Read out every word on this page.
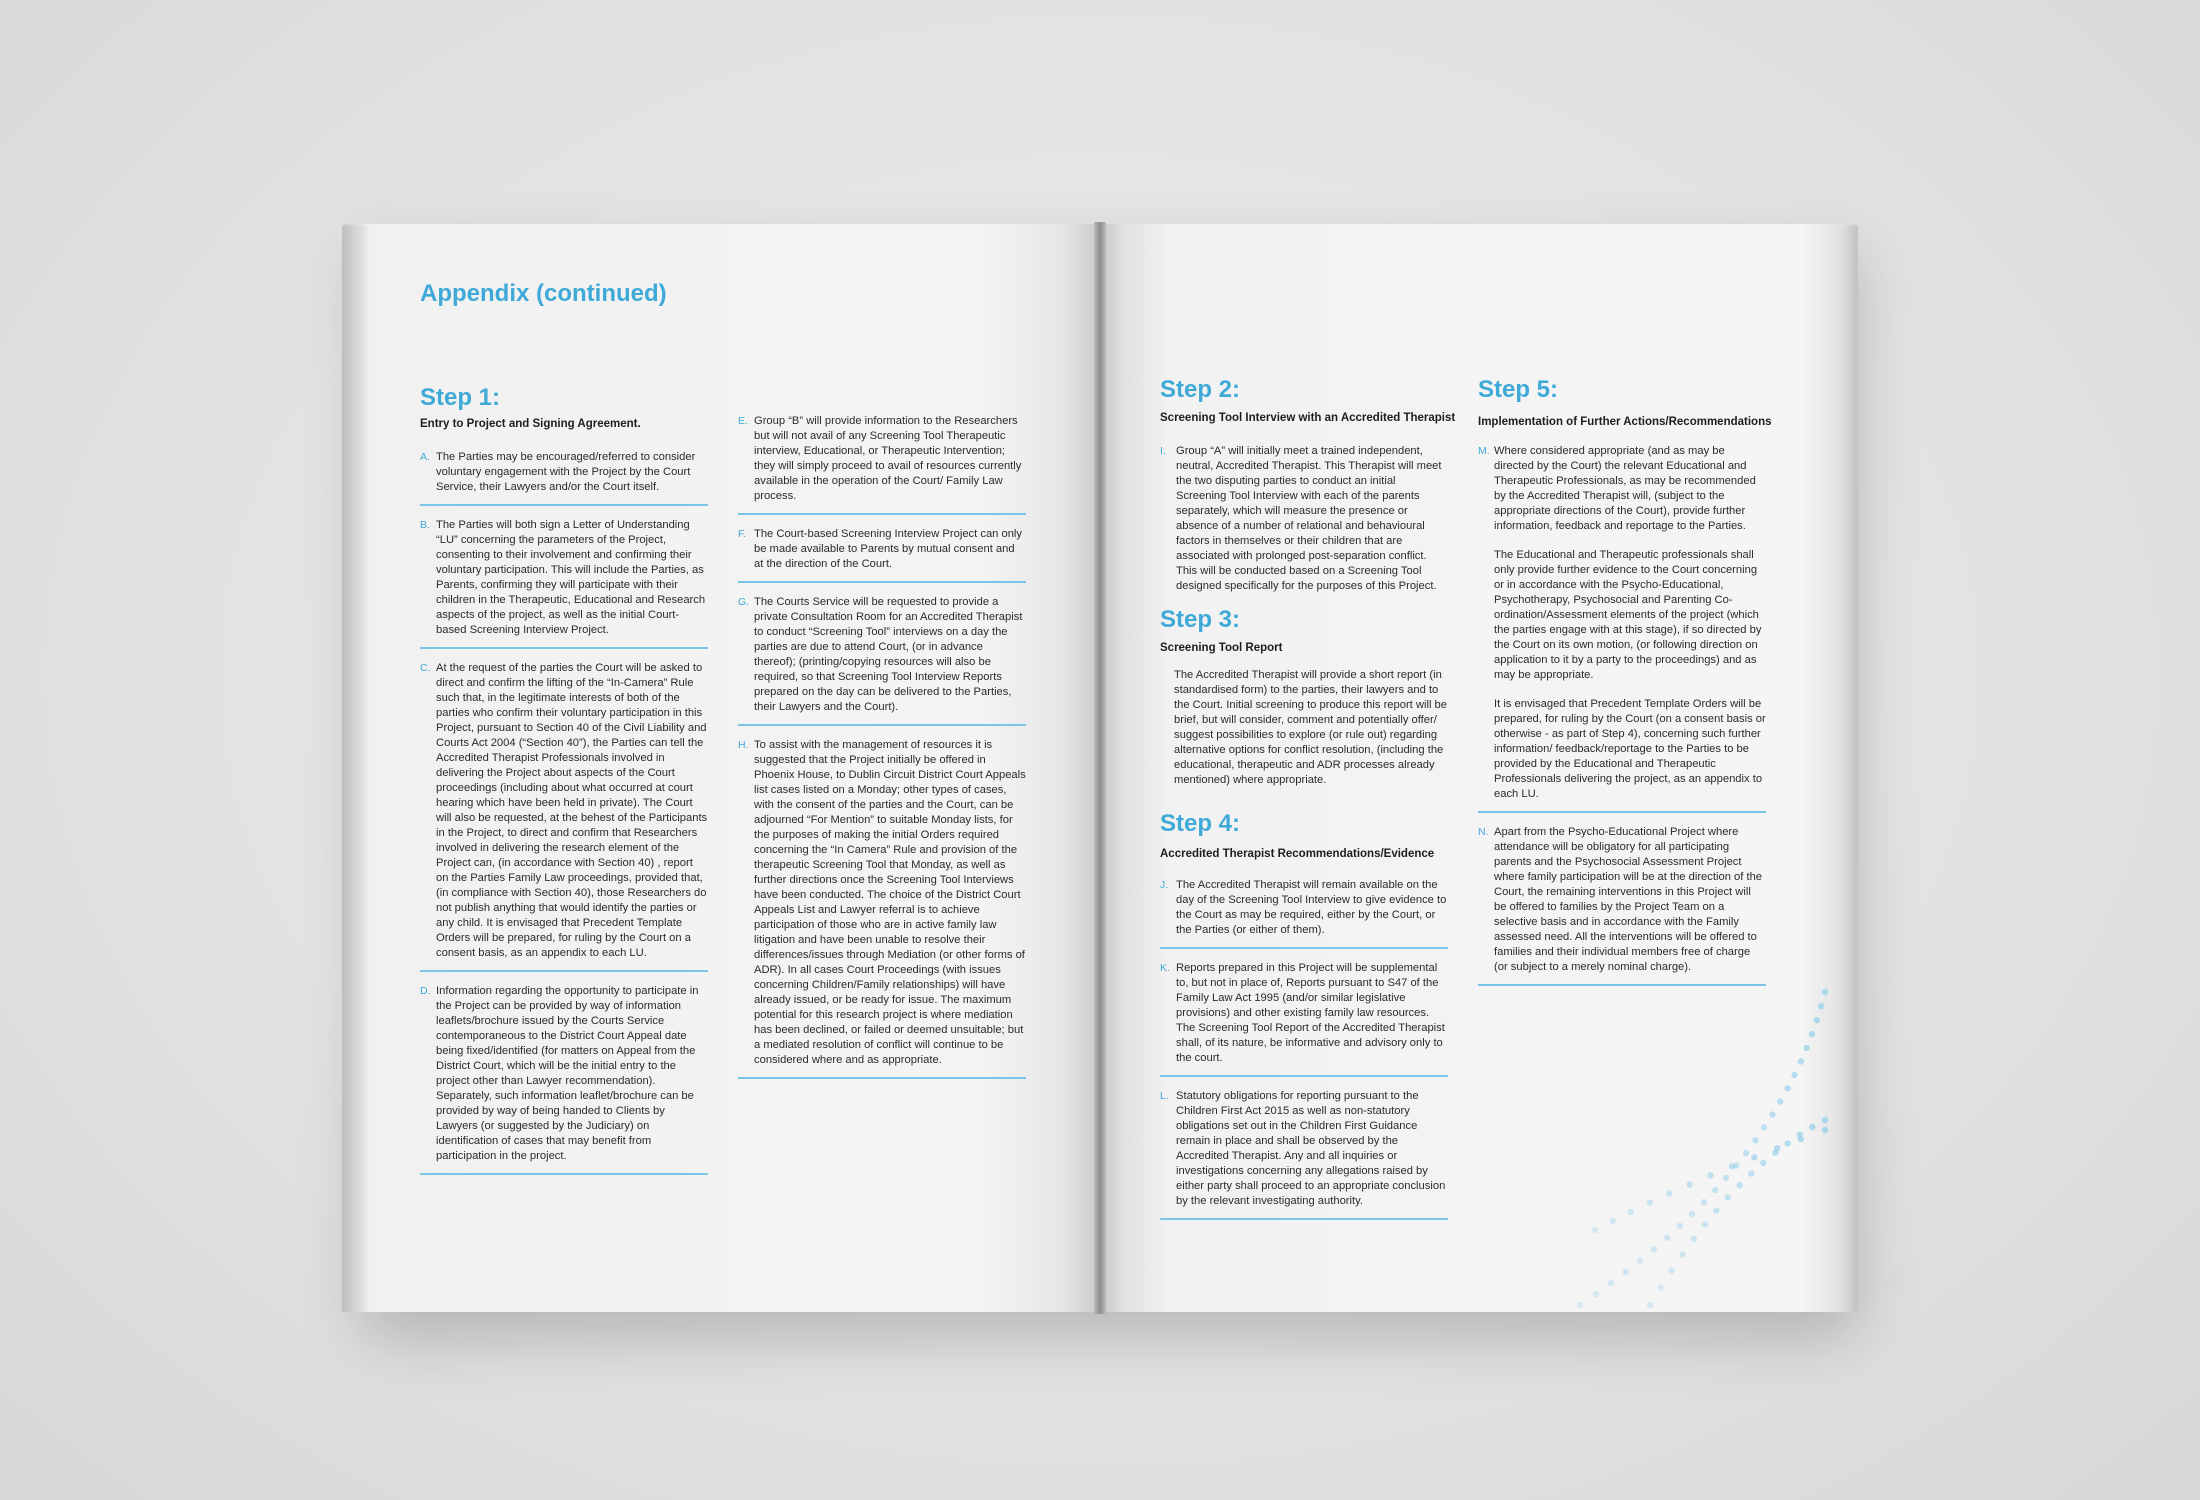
Appendix (continued)
Step 1:
Entry to Project and Signing Agreement.
A. The Parties may be encouraged/referred to consider voluntary engagement with the Project by the Court Service, their Lawyers and/or the Court itself.
B. The Parties will both sign a Letter of Understanding “LU” concerning the parameters of the Project, consenting to their involvement and confirming their voluntary participation. This will include the Parties, as Parents, confirming they will participate with their children in the Therapeutic, Educational and Research aspects of the project, as well as the initial Court-based Screening Interview Project.
C. At the request of the parties the Court will be asked to direct and confirm the lifting of the “In-Camera” Rule such that, in the legitimate interests of both of the parties who confirm their voluntary participation in this Project, pursuant to Section 40 of the Civil Liability and Courts Act 2004 (“Section 40”), the Parties can tell the Accredited Therapist Professionals involved in delivering the Project about aspects of the Court proceedings (including about what occurred at court hearing which have been held in private). The Court will also be requested, at the behest of the Participants in the Project, to direct and confirm that Researchers involved in delivering the research element of the Project can, (in accordance with Section 40) , report on the Parties Family Law proceedings, provided that, (in compliance with Section 40), those Researchers do not publish anything that would identify the parties or any child. It is envisaged that Precedent Template Orders will be prepared, for ruling by the Court on a consent basis, as an appendix to each LU.
D. Information regarding the opportunity to participate in the Project can be provided by way of information leaflets/brochure issued by the Courts Service contemporaneous to the District Court Appeal date being fixed/identified (for matters on Appeal from the District Court, which will be the initial entry to the project other than Lawyer recommendation). Separately, such information leaflet/brochure can be provided by way of being handed to Clients by Lawyers (or suggested by the Judiciary) on identification of cases that may benefit from participation in the project.
E. Group “B” will provide information to the Researchers but will not avail of any Screening Tool Therapeutic interview, Educational, or Therapeutic Intervention; they will simply proceed to avail of resources currently available in the operation of the Court/ Family Law process.
F. The Court-based Screening Interview Project can only be made available to Parents by mutual consent and at the direction of the Court.
G. The Courts Service will be requested to provide a private Consultation Room for an Accredited Therapist to conduct “Screening Tool” interviews on a day the parties are due to attend Court, (or in advance thereof); (printing/copying resources will also be required, so that Screening Tool Interview Reports prepared on the day can be delivered to the Parties, their Lawyers and the Court).
H. To assist with the management of resources it is suggested that the Project initially be offered in Phoenix House, to Dublin Circuit District Court Appeals list cases listed on a Monday; other types of cases, with the consent of the parties and the Court, can be adjourned “For Mention” to suitable Monday lists, for the purposes of making the initial Orders required concerning the “In Camera” Rule and provision of the therapeutic Screening Tool that Monday, as well as further directions once the Screening Tool Interviews have been conducted. The choice of the District Court Appeals List and Lawyer referral is to achieve participation of those who are in active family law litigation and have been unable to resolve their differences/issues through Mediation (or other forms of ADR). In all cases Court Proceedings (with issues concerning Children/Family relationships) will have already issued, or be ready for issue. The maximum potential for this research project is where mediation has been declined, or failed or deemed unsuitable; but a mediated resolution of conflict will continue to be considered where and as appropriate.
Step 2:
Screening Tool Interview with an Accredited Therapist
I. Group “A” will initially meet a trained independent, neutral, Accredited Therapist. This Therapist will meet the two disputing parties to conduct an initial Screening Tool Interview with each of the parents separately, which will measure the presence or absence of a number of relational and behavioural factors in themselves or their children that are associated with prolonged post-separation conflict. This will be conducted based on a Screening Tool designed specifically for the purposes of this Project.
Step 3:
Screening Tool Report
The Accredited Therapist will provide a short report (in standardised form) to the parties, their lawyers and to the Court. Initial screening to produce this report will be brief, but will consider, comment and potentially offer/ suggest possibilities to explore (or rule out) regarding alternative options for conflict resolution, (including the educational, therapeutic and ADR processes already mentioned) where appropriate.
Step 4:
Accredited Therapist Recommendations/Evidence
J. The Accredited Therapist will remain available on the day of the Screening Tool Interview to give evidence to the Court as may be required, either by the Court, or the Parties (or either of them).
K. Reports prepared in this Project will be supplemental to, but not in place of, Reports pursuant to S47 of the Family Law Act 1995 (and/or similar legislative provisions) and other existing family law resources. The Screening Tool Report of the Accredited Therapist shall, of its nature, be informative and advisory only to the court.
L. Statutory obligations for reporting pursuant to the Children First Act 2015 as well as non-statutory obligations set out in the Children First Guidance remain in place and shall be observed by the Accredited Therapist. Any and all inquiries or investigations concerning any allegations raised by either party shall proceed to an appropriate conclusion by the relevant investigating authority.
Step 5:
Implementation of Further Actions/Recommendations
M. Where considered appropriate (and as may be directed by the Court) the relevant Educational and Therapeutic Professionals, as may be recommended by the Accredited Therapist will, (subject to the appropriate directions of the Court), provide further information, feedback and reportage to the Parties.

The Educational and Therapeutic professionals shall only provide further evidence to the Court concerning or in accordance with the Psycho-Educational, Psychotherapy, Psychosocial and Parenting Co-ordination/Assessment elements of the project (which the parties engage with at this stage), if so directed by the Court on its own motion, (or following direction on application to it by a party to the proceedings) and as may be appropriate.

It is envisaged that Precedent Template Orders will be prepared, for ruling by the Court (on a consent basis or otherwise - as part of Step 4), concerning such further information/ feedback/reportage to the Parties to be provided by the Educational and Therapeutic Professionals delivering the project, as an appendix to each LU.

N. Apart from the Psycho-Educational Project where attendance will be obligatory for all participating parents and the Psychosocial Assessment Project where family participation will be at the direction of the Court, the remaining interventions in this Project will be offered to families by the Project Team on a selective basis and in accordance with the Family assessed need. All the interventions will be offered to families and their individual members free of charge (or subject to a merely nominal charge).
